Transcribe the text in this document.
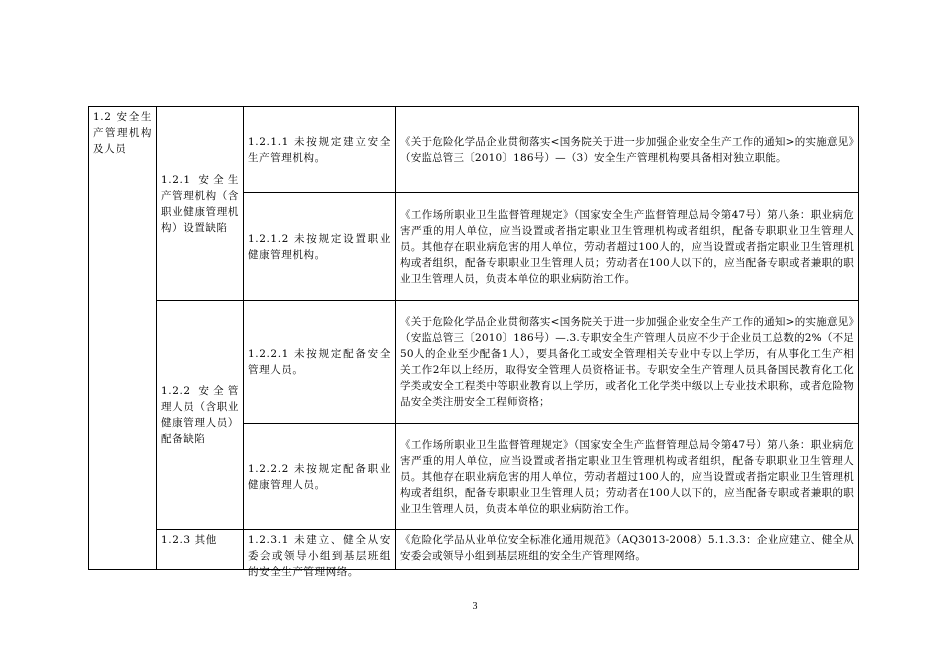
1.2 安全生产管理机构及人员	1.2.1 安全生产管理机构（含职业健康管理机构）设置缺陷	1.2.1.1 未按规定建立安全生产管理机构。	《关于危险化学品企业贯彻落实<国务院关于进一步加强企业安全生产工作的通知>的实施意见》（安监总管三〔2010〕186号）—（3）安全生产管理机构要具备相对独立职能。

		1.2.1.2 未按规定设置职业健康管理机构。	《工作场所职业卫生监督管理规定》（国家安全生产监督管理总局令第47号）第八条：职业病危害严重的用人单位，应当设置或者指定职业卫生管理机构或者组织，配备专职职业卫生管理人员。其他存在职业病危害的用人单位，劳动者超过100人的，应当设置或者指定职业卫生管理机构或者组织，配备专职职业卫生管理人员；劳动者在100人以下的，应当配备专职或者兼职的职业卫生管理人员，负责本单位的职业病防治工作。

	1.2.2 安全管理人员（含职业健康管理人员）配备缺陷	1.2.2.1 未按规定配备安全管理人员。	《关于危险化学品企业贯彻落实<国务院关于进一步加强企业安全生产工作的通知>的实施意见》（安监总管三〔2010〕186号）—.3.专职安全生产管理人员应不少于企业员工总数的2%（不足50人的企业至少配备1人），要具备化工或安全管理相关专业中专以上学历，有从事化工生产相关工作2年以上经历，取得安全管理人员资格证书。专职安全生产管理人员具备国民教育化工化学类或安全工程类中等职业教育以上学历，或者化工化学类中级以上专业技术职称，或者危险物品安全类注册安全工程师资格；

		1.2.2.2 未按规定配备职业健康管理人员。	《工作场所职业卫生监督管理规定》（国家安全生产监督管理总局令第47号）第八条：职业病危害严重的用人单位，应当设置或者指定职业卫生管理机构或者组织，配备专职职业卫生管理人员。其他存在职业病危害的用人单位，劳动者超过100人的，应当设置或者指定职业卫生管理机构或者组织，配备专职职业卫生管理人员；劳动者在100人以下的，应当配备专职或者兼职的职业卫生管理人员，负责本单位的职业病防治工作。

	1.2.3 其他	1.2.3.1 未建立、健全从安委会或领导小组到基层班组的安全生产管理网络。	《危险化学品从业单位安全标准化通用规范》（AQ3013-2008）5.1.3.3：企业应建立、健全从安委会或领导小组到基层班组的安全生产管理网络。

3
